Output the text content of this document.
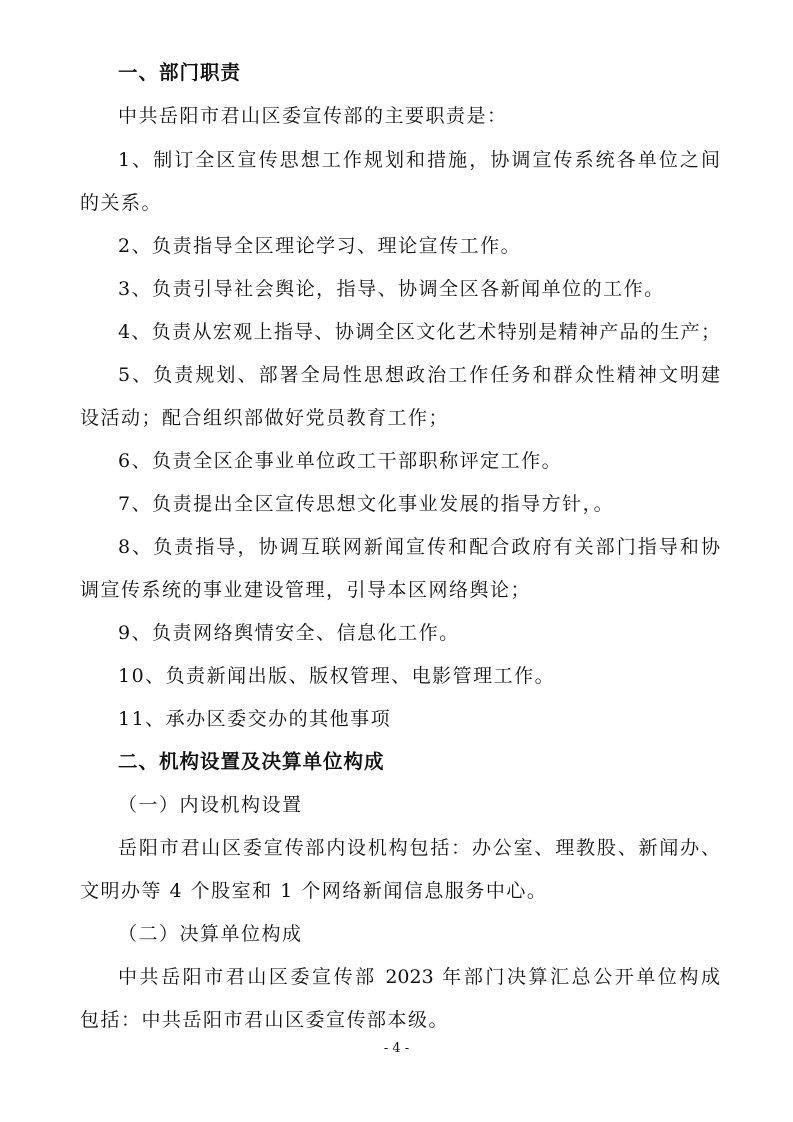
一、部门职责
中共岳阳市君山区委宣传部的主要职责是：
1、制订全区宣传思想工作规划和措施，协调宣传系统各单位之间
的关系。
2、负责指导全区理论学习、理论宣传工作。
3、负责引导社会舆论，指导、协调全区各新闻单位的工作。
4、负责从宏观上指导、协调全区文化艺术特别是精神产品的生产；
5、负责规划、部署全局性思想政治工作任务和群众性精神文明建
设活动；配合组织部做好党员教育工作；
6、负责全区企事业单位政工干部职称评定工作。
7、负责提出全区宣传思想文化事业发展的指导方针，。
8、负责指导，协调互联网新闻宣传和配合政府有关部门指导和协
调宣传系统的事业建设管理，引导本区网络舆论；
9、负责网络舆情安全、信息化工作。
10、负责新闻出版、版权管理、电影管理工作。
11、承办区委交办的其他事项
二、机构设置及决算单位构成
（一）内设机构设置
岳阳市君山区委宣传部内设机构包括：办公室、理教股、新闻办、
文明办等 4 个股室和 1 个网络新闻信息服务中心。
（二）决算单位构成
中共岳阳市君山区委宣传部 2023 年部门决算汇总公开单位构成
包括：中共岳阳市君山区委宣传部本级。
- 4 -
